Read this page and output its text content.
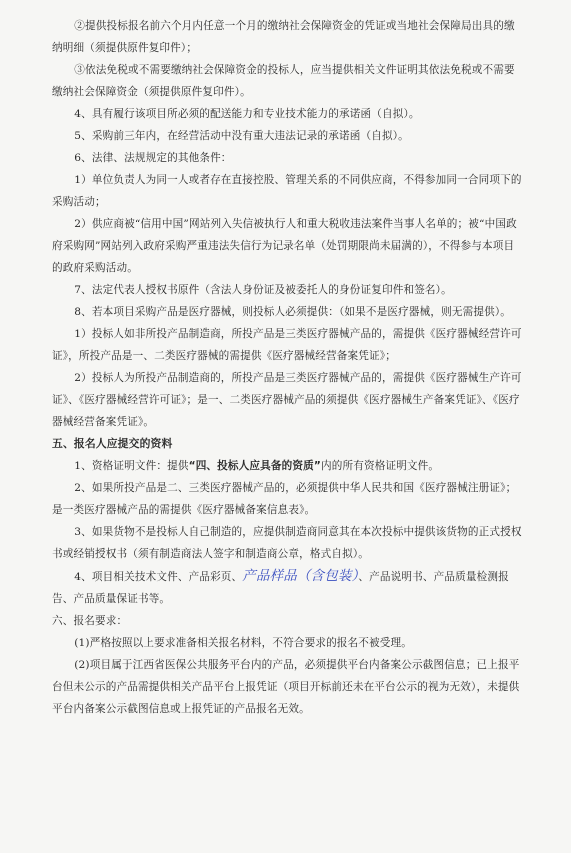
②提供投标报名前六个月内任意一个月的缴纳社会保障资金的凭证或当地社会保障局出具的缴纳明细（须提供原件复印件）；

③依法免税或不需要缴纳社会保障资金的投标人，应当提供相关文件证明其依法免税或不需要缴纳社会保障资金（须提供原件复印件）。

4、具有履行该项目所必须的配送能力和专业技术能力的承诺函（自拟）。

5、采购前三年内，在经营活动中没有重大违法记录的承诺函（自拟）。

6、法律、法规规定的其他条件：

1）单位负责人为同一人或者存在直接控股、管理关系的不同供应商，不得参加同一合同项下的采购活动；

2）供应商被“信用中国”网站列入失信被执行人和重大税收违法案件当事人名单的；被“中国政府采购网”网站列入政府采购严重违法失信行为记录名单（处罚期限尚未届满的），不得参与本项目的政府采购活动。

7、法定代表人授权书原件（含法人身份证及被委托人的身份证复印件和签名）。

8、若本项目采购产品是医疗器械，则投标人必须提供：（如果不是医疗器械，则无需提供）。

1）投标人如非所投产品制造商，所投产品是三类医疗器械产品的，需提供《医疗器械经营许可证》，所投产品是一、二类医疗器械的需提供《医疗器械经营备案凭证》；

2）投标人为所投产品制造商的，所投产品是三类医疗器械产品的，需提供《医疗器械生产许可证》、《医疗器械经营许可证》；是一、二类医疗器械产品的须提供《医疗器械生产备案凭证》、《医疗器械经营备案凭证》。

五、报名人应提交的资料

1、资格证明文件：提供“四、投标人应具备的资质”内的所有资格证明文件。

2、如果所投产品是二、三类医疗器械产品的，必须提供中华人民共和国《医疗器械注册证》；是一类医疗器械产品的需提供《医疗器械备案信息表》。

3、如果货物不是投标人自己制造的，应提供制造商同意其在本次投标中提供该货物的正式授权书或经销授权书（须有制造商法人签字和制造商公章，格式自拟）。

4、项目相关技术文件、产品彩页、产品样品（含包装）、产品说明书、产品质量检测报告、产品质量保证书等。

六、报名要求：

(1)严格按照以上要求准备相关报名材料，不符合要求的报名不被受理。

(2)项目属于江西省医保公共服务平台内的产品，必须提供平台内备案公示截图信息；已上报平台但未公示的产品需提供相关产品平台上报凭证（项目开标前还未在平台公示的视为无效），未提供平台内备案公示截图信息或上报凭证的产品报名无效。
